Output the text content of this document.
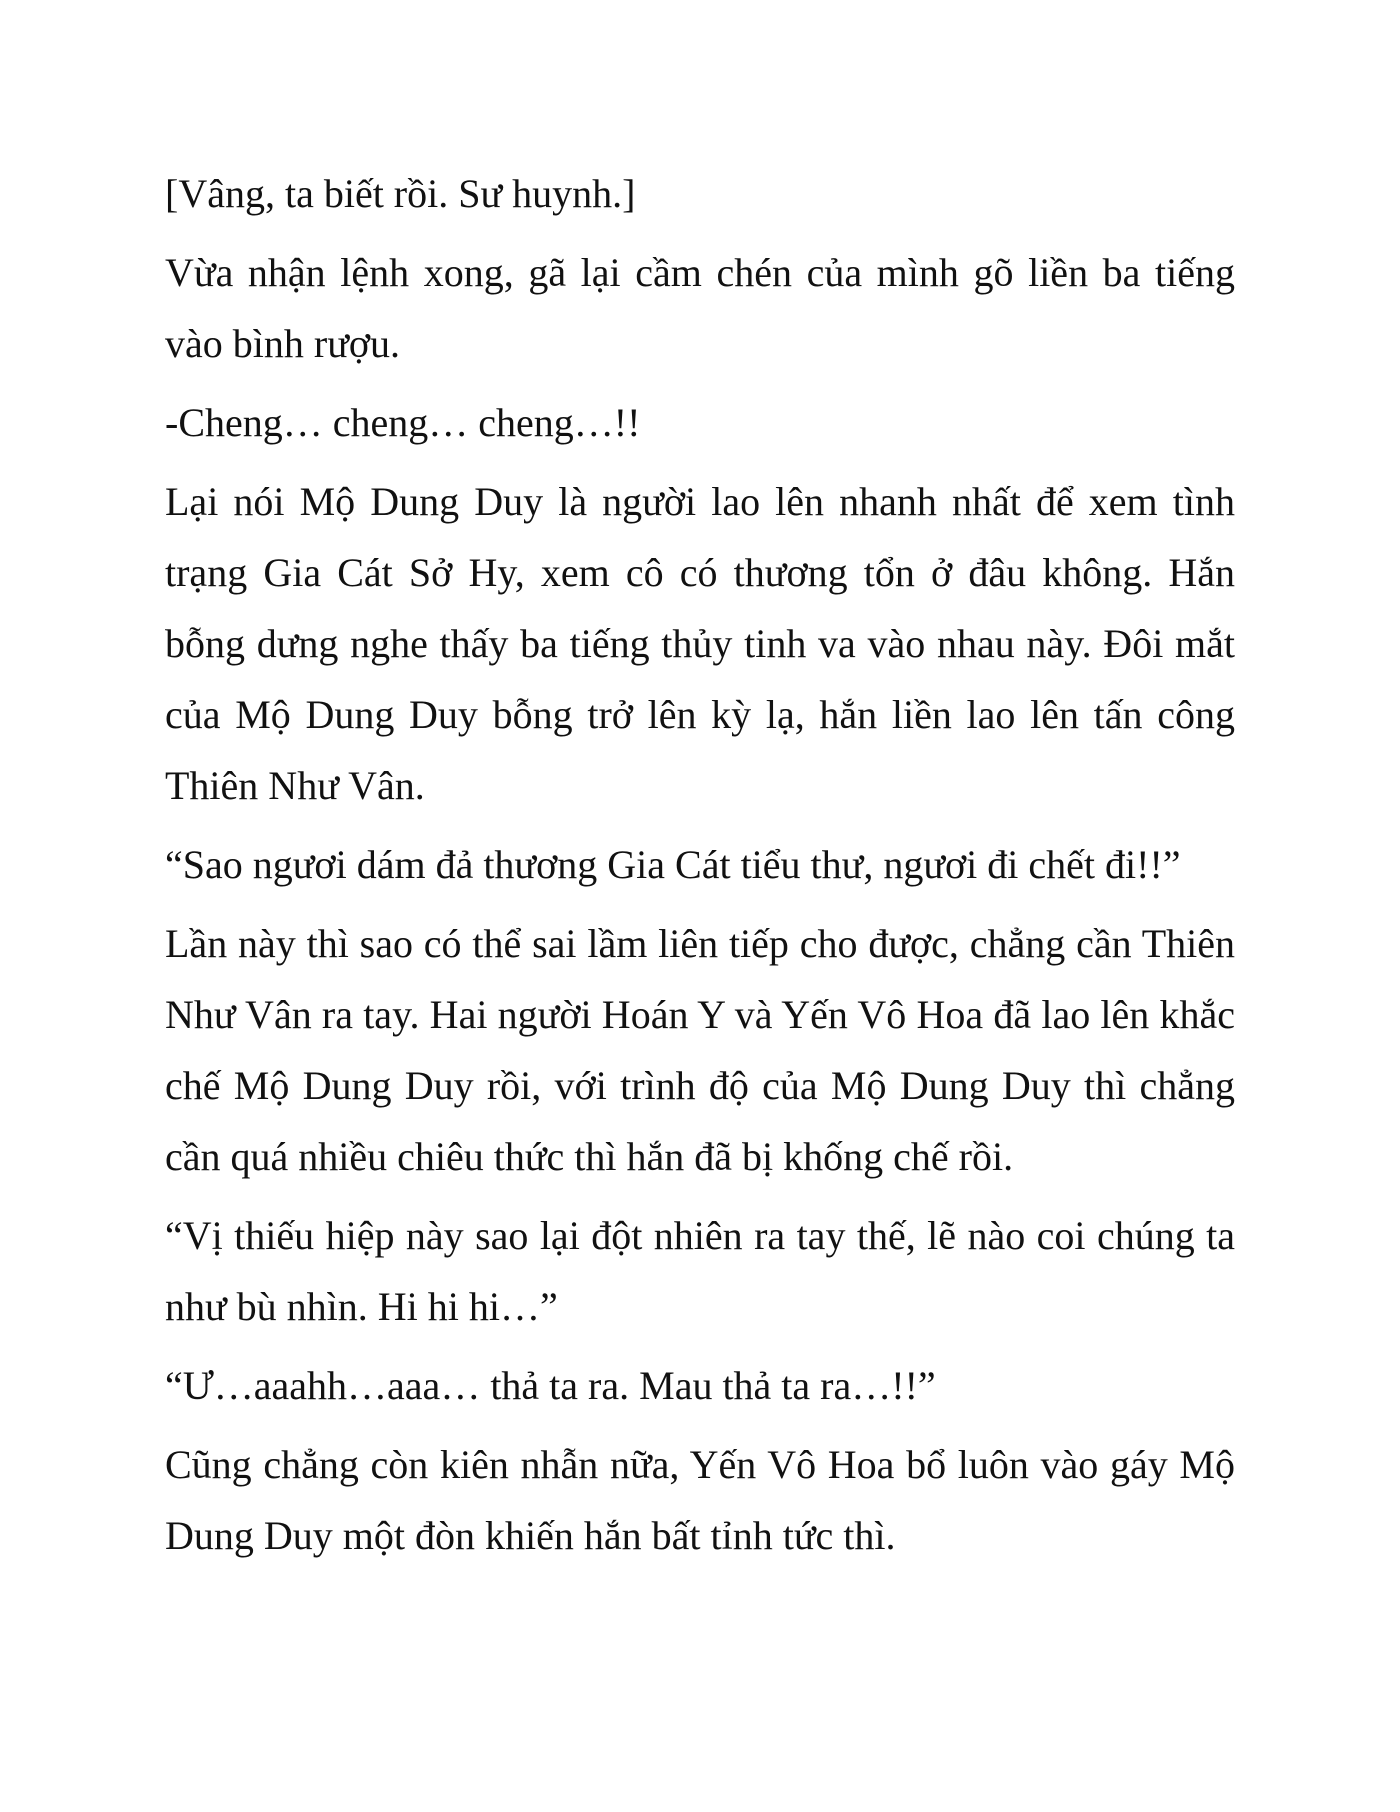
[Vâng, ta biết rồi. Sư huynh.]

Vừa nhận lệnh xong, gã lại cầm chén của mình gõ liền ba tiếng vào bình rượu.

-Cheng… cheng… cheng…!!

Lại nói Mộ Dung Duy là người lao lên nhanh nhất để xem tình trạng Gia Cát Sở Hy, xem cô có thương tổn ở đâu không. Hắn bỗng dưng nghe thấy ba tiếng thủy tinh va vào nhau này. Đôi mắt của Mộ Dung Duy bỗng trở lên kỳ lạ, hắn liền lao lên tấn công Thiên Như Vân.

“Sao ngươi dám đả thương Gia Cát tiểu thư, ngươi đi chết đi!!”

Lần này thì sao có thể sai lầm liên tiếp cho được, chẳng cần Thiên Như Vân ra tay. Hai người Hoán Y và Yến Vô Hoa đã lao lên khắc chế Mộ Dung Duy rồi, với trình độ của Mộ Dung Duy thì chẳng cần quá nhiều chiêu thức thì hắn đã bị khống chế rồi.

“Vị thiếu hiệp này sao lại đột nhiên ra tay thế, lẽ nào coi chúng ta như bù nhìn. Hi hi hi…”

“Ư…aaahh…aaa… thả ta ra. Mau thả ta ra…!!”

Cũng chẳng còn kiên nhẫn nữa, Yến Vô Hoa bổ luôn vào gáy Mộ Dung Duy một đòn khiến hắn bất tỉnh tức thì.
